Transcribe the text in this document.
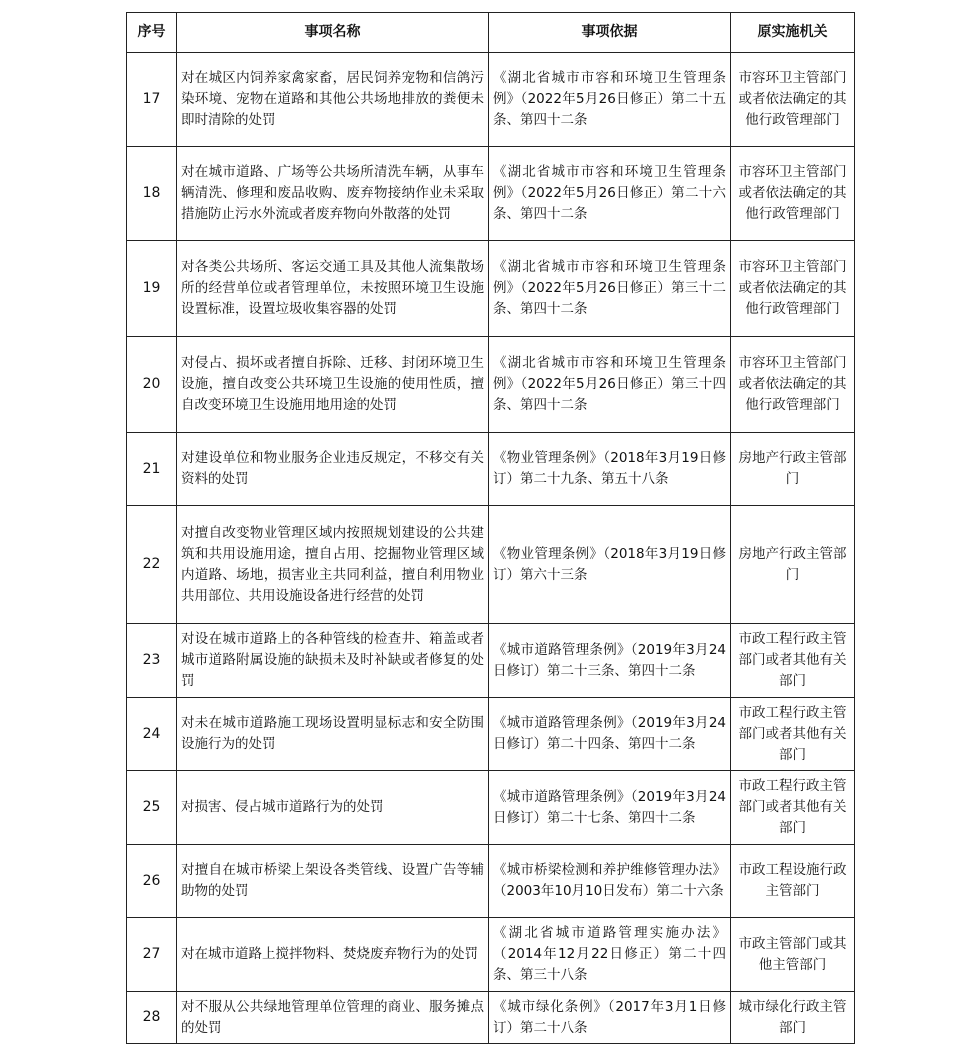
序号	事项名称	事项依据	原实施机关
17	对在城区内饲养家禽家畜，居民饲养宠物和信鸽污染环境、宠物在道路和其他公共场地排放的粪便未即时清除的处罚	《湖北省城市市容和环境卫生管理条例》（2022年5月26日修正）第二十五条、第四十二条	市容环卫主管部门或者依法确定的其他行政管理部门
18	对在城市道路、广场等公共场所清洗车辆，从事车辆清洗、修理和废品收购、废弃物接纳作业未采取措施防止污水外流或者废弃物向外散落的处罚	《湖北省城市市容和环境卫生管理条例》（2022年5月26日修正）第二十六条、第四十二条	市容环卫主管部门或者依法确定的其他行政管理部门
19	对各类公共场所、客运交通工具及其他人流集散场所的经营单位或者管理单位，未按照环境卫生设施设置标准，设置垃圾收集容器的处罚	《湖北省城市市容和环境卫生管理条例》（2022年5月26日修正）第三十二条、第四十二条	市容环卫主管部门或者依法确定的其他行政管理部门
20	对侵占、损坏或者擅自拆除、迁移、封闭环境卫生设施，擅自改变公共环境卫生设施的使用性质，擅自改变环境卫生设施用地用途的处罚	《湖北省城市市容和环境卫生管理条例》（2022年5月26日修正）第三十四条、第四十二条	市容环卫主管部门或者依法确定的其他行政管理部门
21	对建设单位和物业服务企业违反规定，不移交有关资料的处罚	《物业管理条例》（2018年3月19日修订）第二十九条、第五十八条	房地产行政主管部门
22	对擅自改变物业管理区域内按照规划建设的公共建筑和共用设施用途，擅自占用、挖掘物业管理区域内道路、场地，损害业主共同利益，擅自利用物业共用部位、共用设施设备进行经营的处罚	《物业管理条例》（2018年3月19日修订）第六十三条	房地产行政主管部门
23	对设在城市道路上的各种管线的检查井、箱盖或者城市道路附属设施的缺损未及时补缺或者修复的处罚	《城市道路管理条例》（2019年3月24日修订）第二十三条、第四十二条	市政工程行政主管部门或者其他有关部门
24	对未在城市道路施工现场设置明显标志和安全防围设施行为的处罚	《城市道路管理条例》（2019年3月24日修订）第二十四条、第四十二条	市政工程行政主管部门或者其他有关部门
25	对损害、侵占城市道路行为的处罚	《城市道路管理条例》（2019年3月24日修订）第二十七条、第四十二条	市政工程行政主管部门或者其他有关部门
26	对擅自在城市桥梁上架设各类管线、设置广告等辅助物的处罚	《城市桥梁检测和养护维修管理办法》（2003年10月10日发布）第二十六条	市政工程设施行政主管部门
27	对在城市道路上搅拌物料、焚烧废弃物行为的处罚	《湖北省城市道路管理实施办法》（2014年12月22日修正）第二十四条、第三十八条	市政主管部门或其他主管部门
28	对不服从公共绿地管理单位管理的商业、服务摊点的处罚	《城市绿化条例》（2017年3月1日修订）第二十八条	城市绿化行政主管部门
